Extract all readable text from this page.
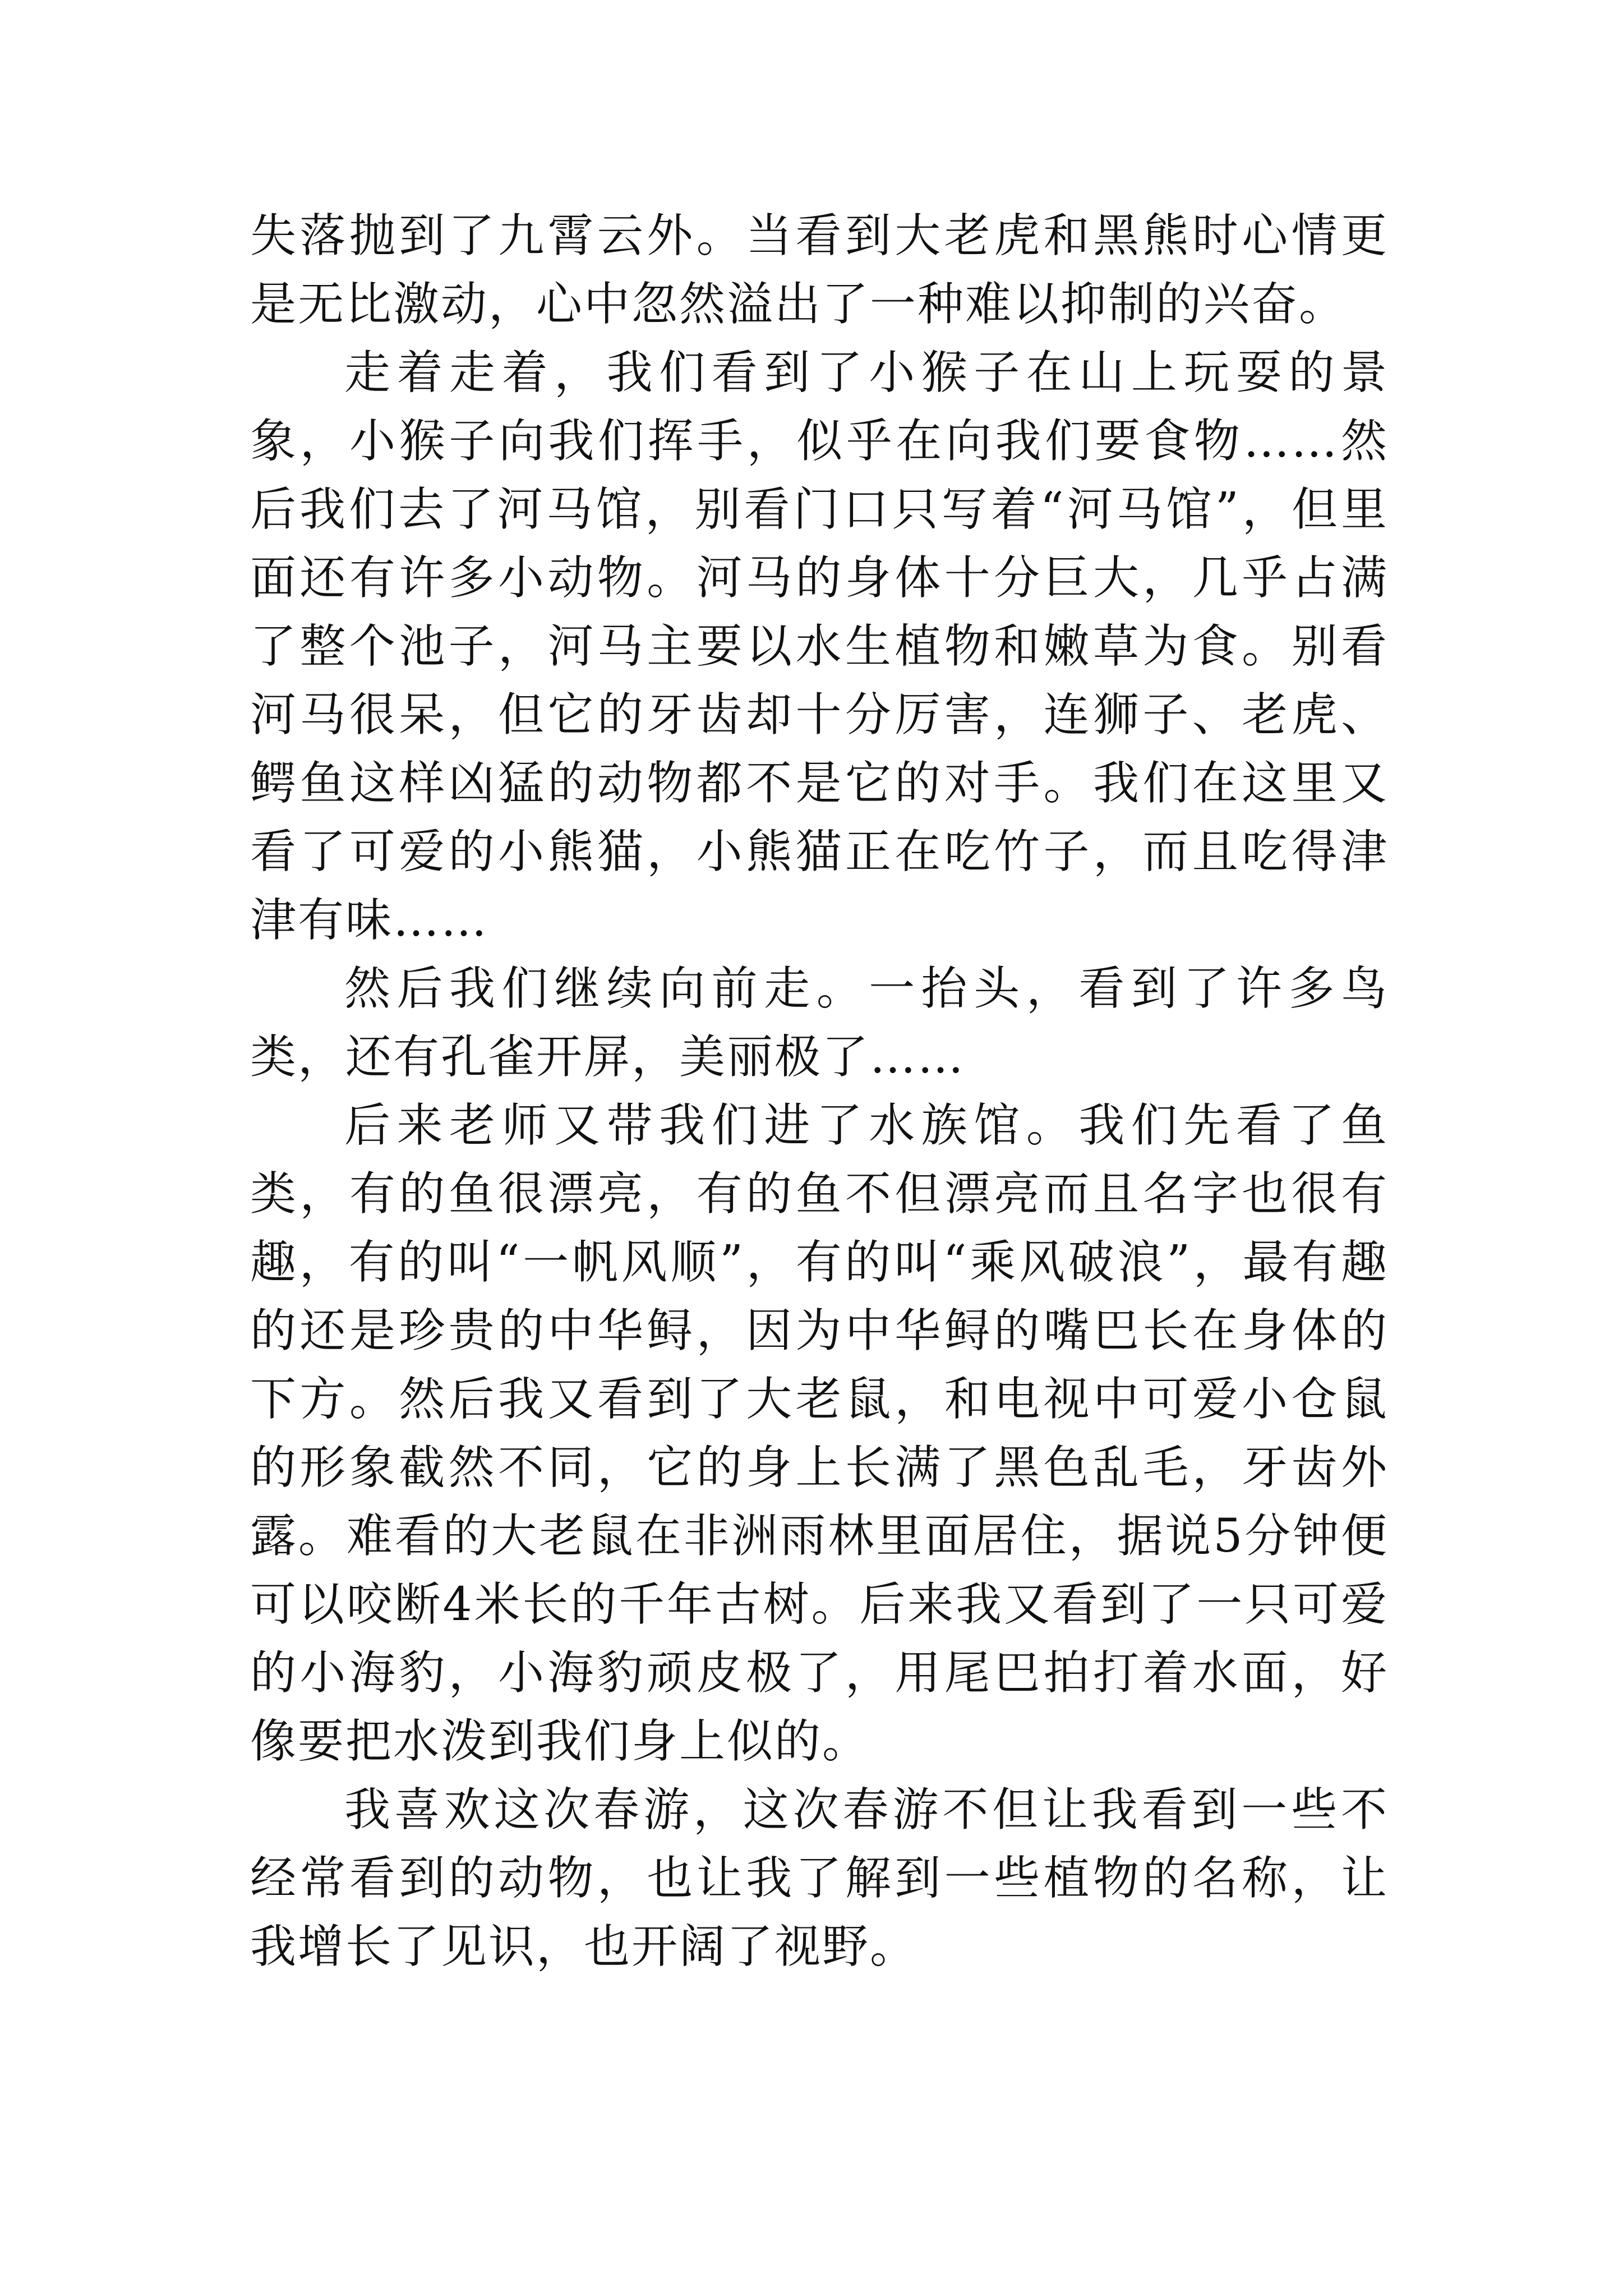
失落抛到了九霄云外。当看到大老虎和黑熊时心情更是无比激动，心中忽然溢出了一种难以抑制的兴奋。

走着走着，我们看到了小猴子在山上玩耍的景象，小猴子向我们挥手，似乎在向我们要食物……然后我们去了河马馆，别看门口只写着“河马馆”，但里面还有许多小动物。河马的身体十分巨大，几乎占满了整个池子，河马主要以水生植物和嫩草为食。别看河马很呆，但它的牙齿却十分厉害，连狮子、老虎、鳄鱼这样凶猛的动物都不是它的对手。我们在这里又看了可爱的小熊猫，小熊猫正在吃竹子，而且吃得津津有味……

然后我们继续向前走。一抬头，看到了许多鸟类，还有孔雀开屏，美丽极了……

后来老师又带我们进了水族馆。我们先看了鱼类，有的鱼很漂亮，有的鱼不但漂亮而且名字也很有趣，有的叫“一帆风顺”，有的叫“乘风破浪”，最有趣的还是珍贵的中华鲟，因为中华鲟的嘴巴长在身体的下方。然后我又看到了大老鼠，和电视中可爱小仓鼠的形象截然不同，它的身上长满了黑色乱毛，牙齿外露。难看的大老鼠在非洲雨林里面居住，据说5分钟便可以咬断4米长的千年古树。后来我又看到了一只可爱的小海豹，小海豹顽皮极了，用尾巴拍打着水面，好像要把水泼到我们身上似的。

我喜欢这次春游，这次春游不但让我看到一些不经常看到的动物，也让我了解到一些植物的名称，让我增长了见识，也开阔了视野。
